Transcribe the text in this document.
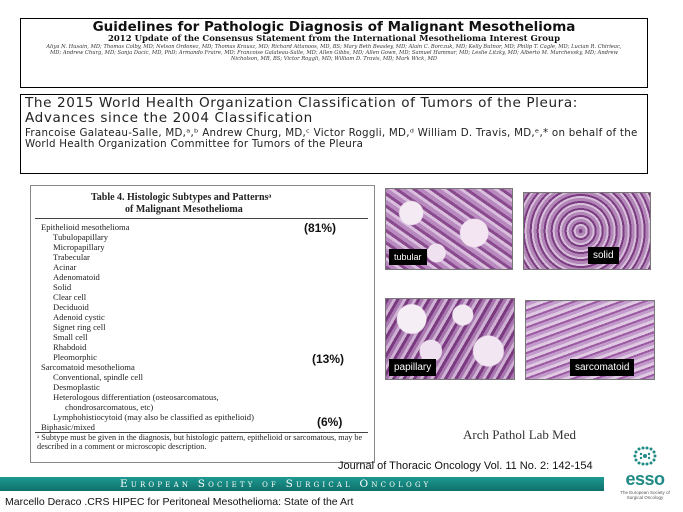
Guidelines for Pathologic Diagnosis of Malignant Mesothelioma
2012 Update of the Consensus Statement from the International Mesothelioma Interest Group
Aliya N. Husain, MD; Thomas Colby, MD; Nelson Ordonez, MD; Thomas Krausz, MD; Richard Attanoos, MD, BS; Mary Beth Beasley, MD; Alain C. Borczuk, MD; Kelly Butnor, MD; Philip T. Cagle, MD; Lucian R. Chirieac, MD; Andrew Churg, MD; Sanja Dacic, MD, PhD; Armando Fraire, MD; Francoise Galateau-Salle, MD; Allen Gibbs, MD; Allen Gown, MD; Samuel Hammar, MD; Leslie Litzky, MD; Alberto M. Marchevsky, MD; Andrew Nicholson, MB, BS; Victor Roggli, MD; William D. Travis, MD; Mark Wick, MD
The 2015 World Health Organization Classification of Tumors of the Pleura: Advances since the 2004 Classification
Francoise Galateau-Salle, MD,ᵃ,ᵇ Andrew Churg, MD,ᶜ Victor Roggli, MD,ᵈ William D. Travis, MD,ᵉ,* on behalf of the World Health Organization Committee for Tumors of the Pleura
Table 4. Histologic Subtypes and Patternsᵃ
of Malignant Mesothelioma
Epithelioid mesothelioma
Tubulopapillary
Micropapillary
Trabecular
Acinar
Adenomatoid
Solid
Clear cell
Deciduoid
Adenoid cystic
Signet ring cell
Small cell
Rhabdoid
Pleomorphic
Sarcomatoid mesothelioma
Conventional, spindle cell
Desmoplastic
Heterologous differentiation (osteosarcomatous,
chondrosarcomatous, etc)
Lymphohistiocytoid (may also be classified as epithelioid)
Biphasic/mixed
(81%)
(13%)
(6%)
ᵃ Subtype must be given in the diagnosis, but histologic pattern, epithelioid or sarcomatous, may be described in a comment or microscopic description.
tubular	solid
papillary	sarcomatoid
Arch Pathol Lab Med
Journal of Thoracic Oncology Vol. 11 No. 2: 142-154
European Society of Surgical Oncology
Marcello Deraco .CRS HIPEC for Peritoneal Mesothelioma: State of the Art
esso
The European Society of Surgical Oncology
